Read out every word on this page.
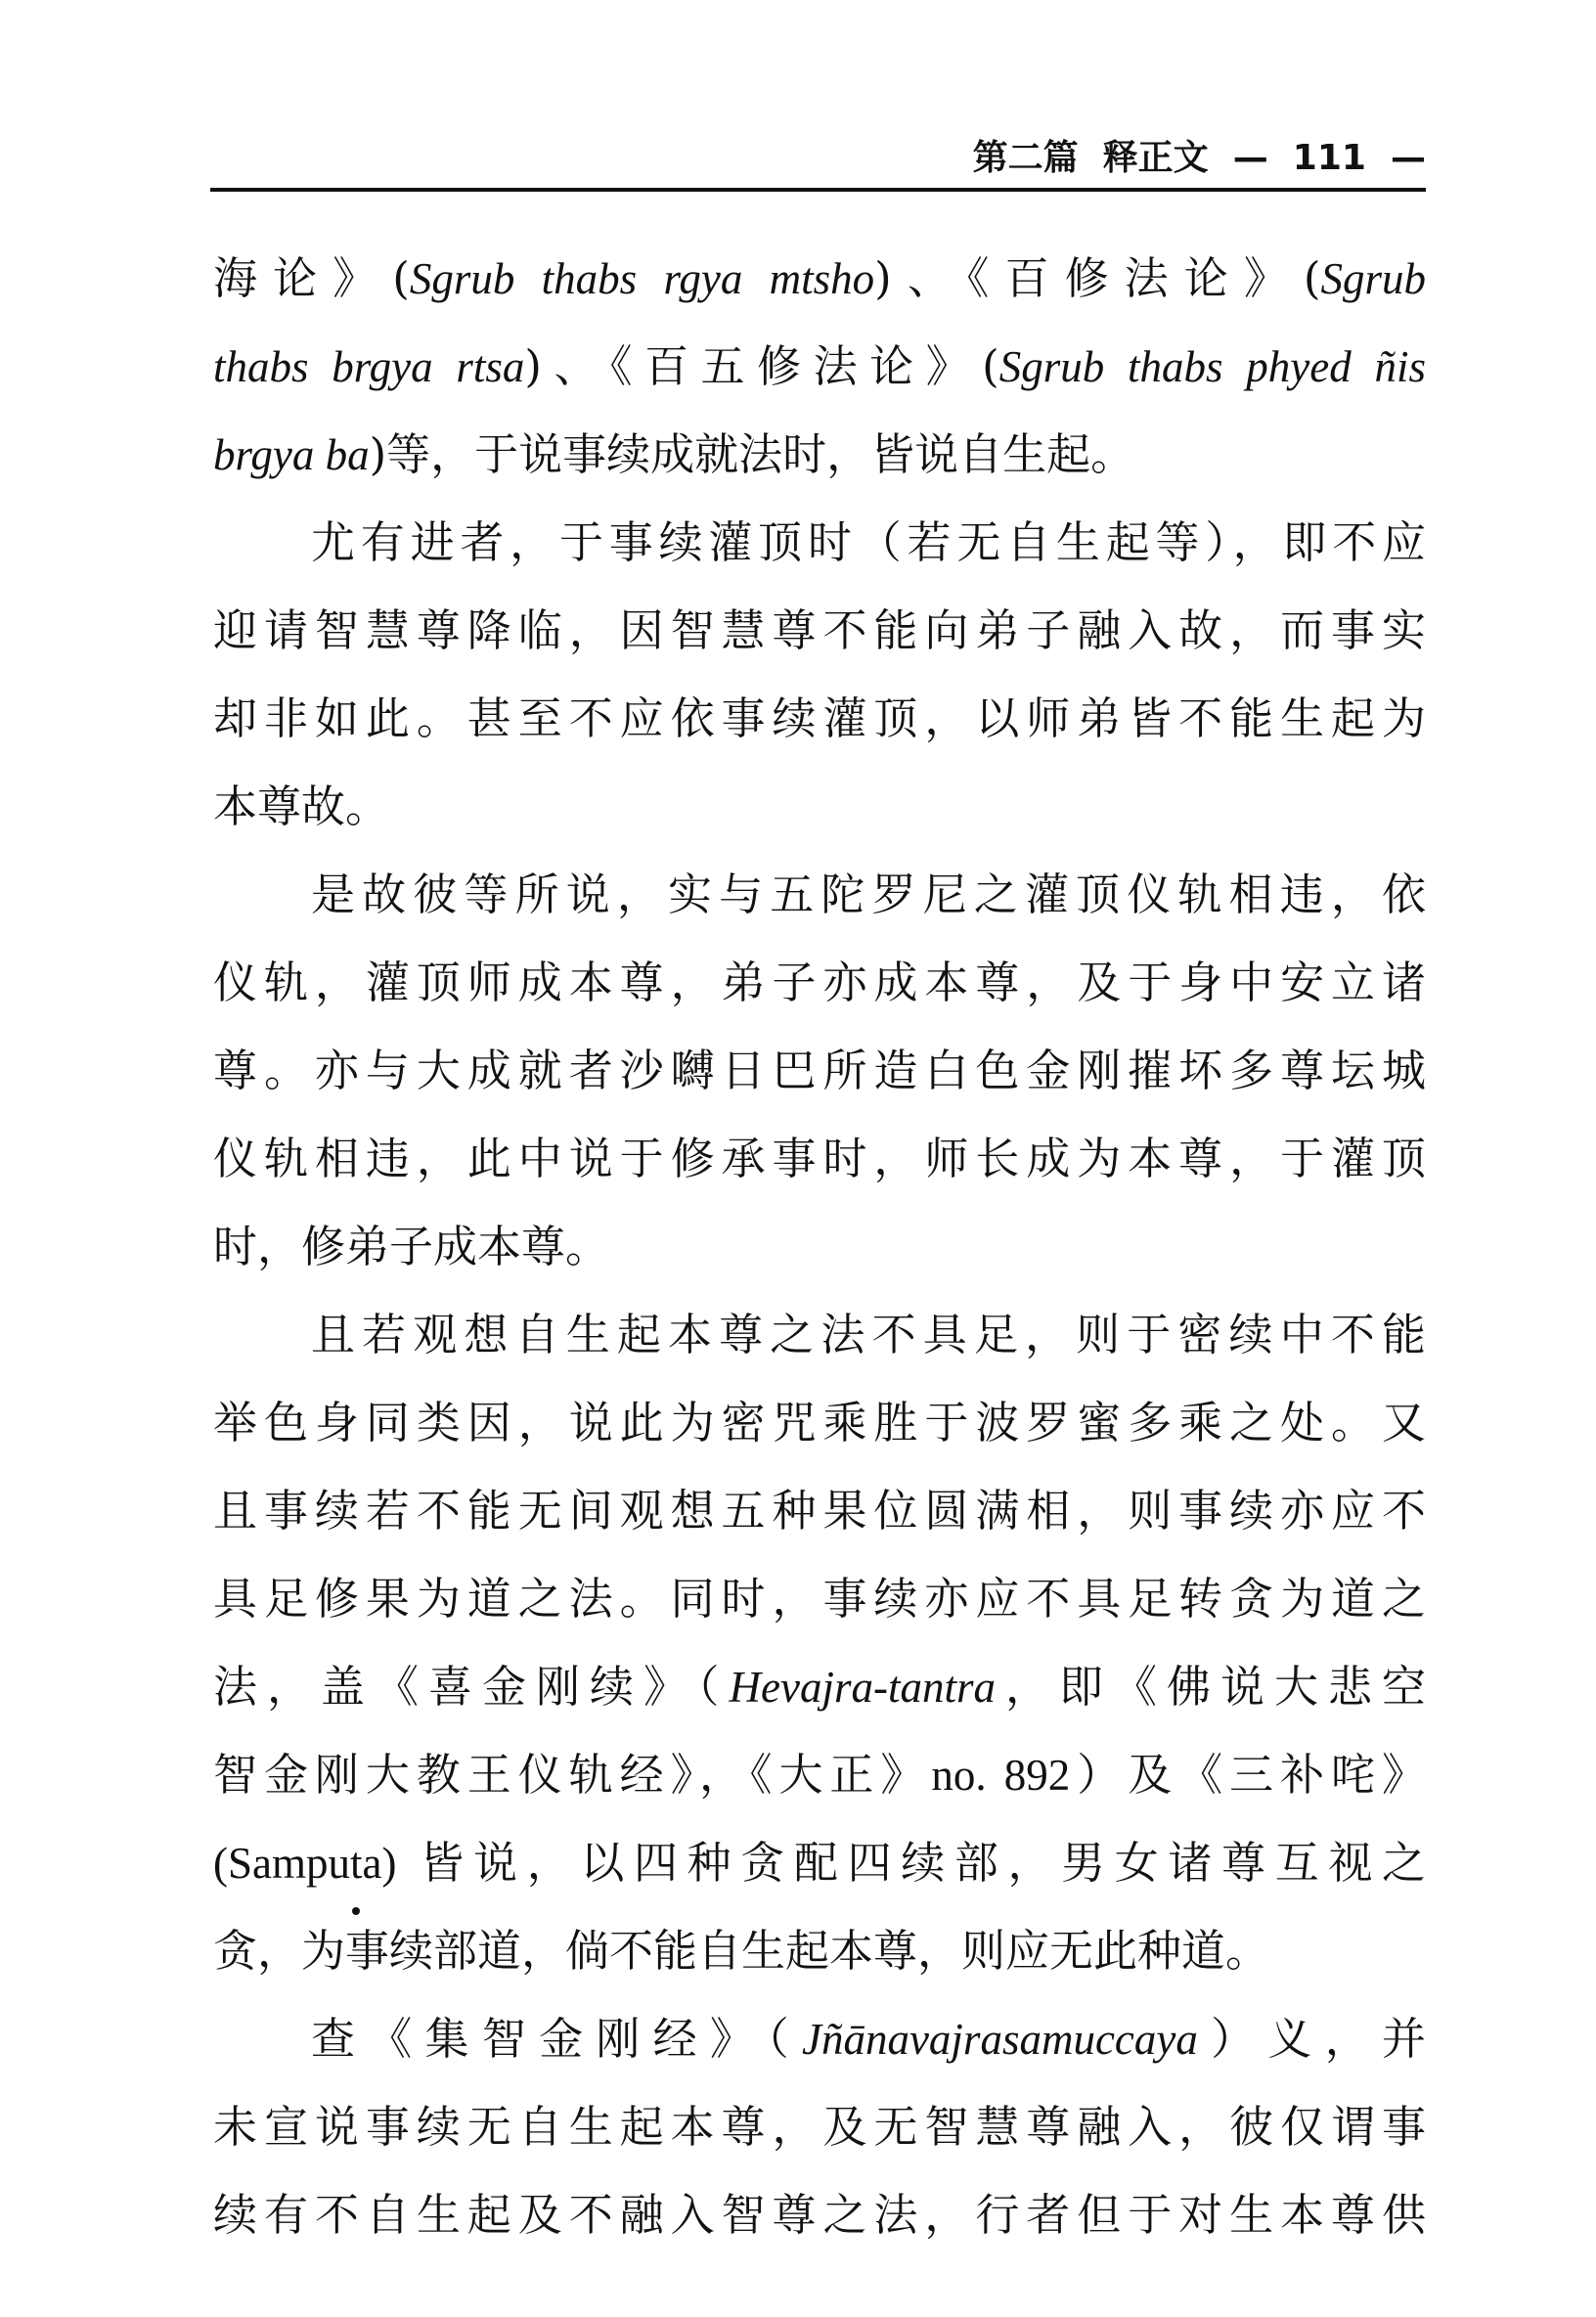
第二篇  释正文  —  111  —
海论》(Sgrub thabs rgya mtsho)、《百修法论》(Sgrub
thabs brgya rtsa)、《百五修法论》(Sgrub thabs phyed ñis
brgya ba)等，于说事续成就法时，皆说自生起。
尤有进者，于事续灌顶时（若无自生起等），即不应
迎请智慧尊降临，因智慧尊不能向弟子融入故，而事实
却非如此。甚至不应依事续灌顶，以师弟皆不能生起为
本尊故。
是故彼等所说，实与五陀罗尼之灌顶仪轨相违，依
仪轨，灌顶师成本尊，弟子亦成本尊，及于身中安立诸
尊。亦与大成就者沙嚩日巴所造白色金刚摧坏多尊坛城
仪轨相违，此中说于修承事时，师长成为本尊，于灌顶
时，修弟子成本尊。
且若观想自生起本尊之法不具足，则于密续中不能
举色身同类因，说此为密咒乘胜于波罗蜜多乘之处。又
且事续若不能无间观想五种果位圆满相，则事续亦应不
具足修果为道之法。同时，事续亦应不具足转贪为道之
法，盖《喜金刚续》（Hevajra-tantra，即《佛说大悲空
智金刚大教王仪轨经》，《大正》no. 892）及《三补咤》
(Samputa) 皆说，以四种贪配四续部，男女诸尊互视之
贪，为事续部道，倘不能自生起本尊，则应无此种道。
查《集智金刚经》（Jñānavajrasamuccaya）义，并
未宣说事续无自生起本尊，及无智慧尊融入，彼仅谓事
续有不自生起及不融入智尊之法，行者但于对生本尊供
